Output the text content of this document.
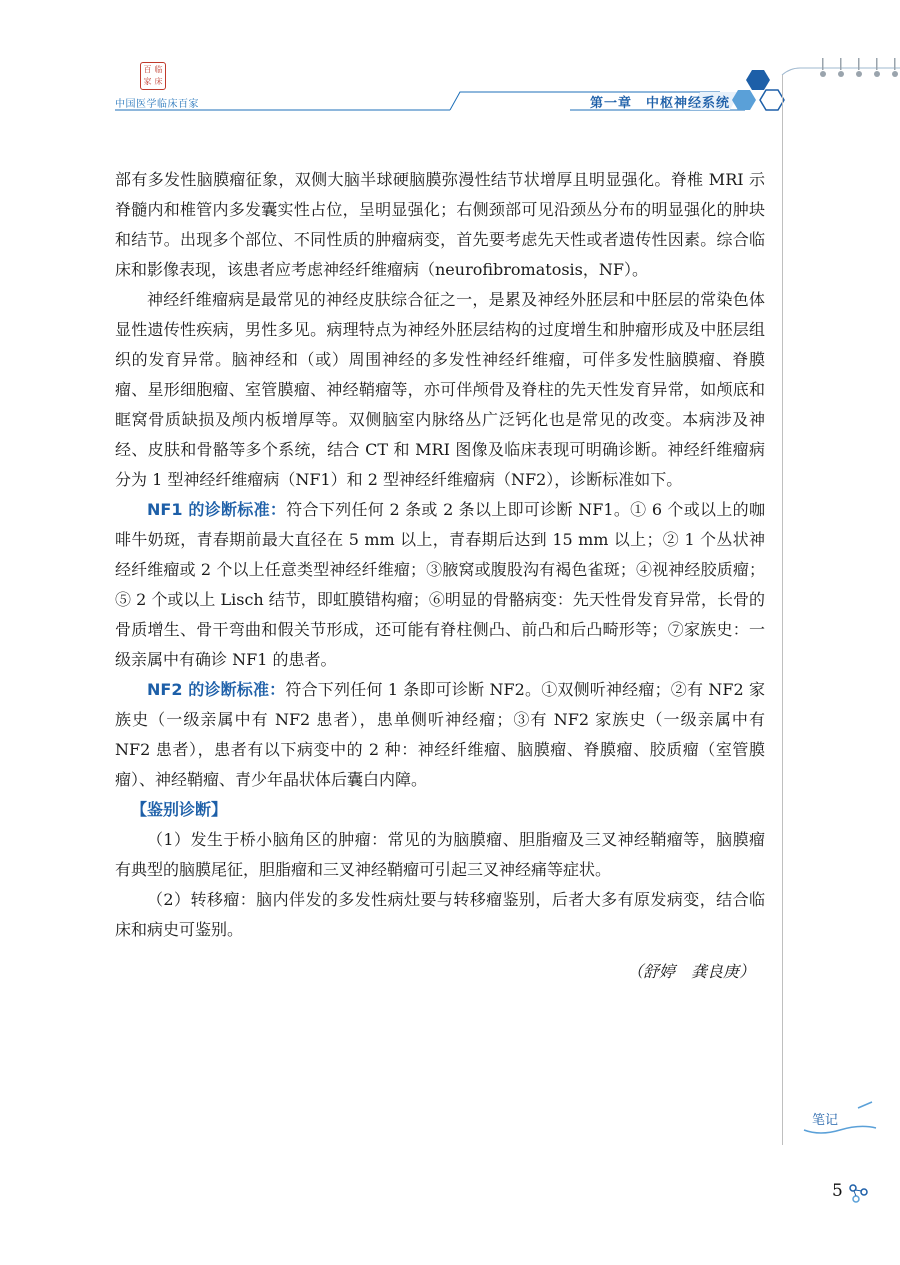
百 临
家 床
中国医学临床百家	第一章　中枢神经系统

部有多发性脑膜瘤征象，双侧大脑半球硬脑膜弥漫性结节状增厚且明显强化。脊椎 MRI 示脊髓内和椎管内多发囊实性占位，呈明显强化；右侧颈部可见沿颈丛分布的明显强化的肿块和结节。出现多个部位、不同性质的肿瘤病变，首先要考虑先天性或者遗传性因素。综合临床和影像表现，该患者应考虑神经纤维瘤病（neurofibromatosis，NF）。

神经纤维瘤病是最常见的神经皮肤综合征之一，是累及神经外胚层和中胚层的常染色体显性遗传性疾病，男性多见。病理特点为神经外胚层结构的过度增生和肿瘤形成及中胚层组织的发育异常。脑神经和（或）周围神经的多发性神经纤维瘤，可伴多发性脑膜瘤、脊膜瘤、星形细胞瘤、室管膜瘤、神经鞘瘤等，亦可伴颅骨及脊柱的先天性发育异常，如颅底和眶窝骨质缺损及颅内板增厚等。双侧脑室内脉络丛广泛钙化也是常见的改变。本病涉及神经、皮肤和骨骼等多个系统，结合 CT 和 MRI 图像及临床表现可明确诊断。神经纤维瘤病分为 1 型神经纤维瘤病（NF1）和 2 型神经纤维瘤病（NF2），诊断标准如下。

NF1 的诊断标准：符合下列任何 2 条或 2 条以上即可诊断 NF1。① 6 个或以上的咖啡牛奶斑，青春期前最大直径在 5 mm 以上，青春期后达到 15 mm 以上；② 1 个丛状神经纤维瘤或 2 个以上任意类型神经纤维瘤；③腋窝或腹股沟有褐色雀斑；④视神经胶质瘤；⑤ 2 个或以上 Lisch 结节，即虹膜错构瘤；⑥明显的骨骼病变：先天性骨发育异常，长骨的骨质增生、骨干弯曲和假关节形成，还可能有脊柱侧凸、前凸和后凸畸形等；⑦家族史：一级亲属中有确诊 NF1 的患者。

NF2 的诊断标准：符合下列任何 1 条即可诊断 NF2。①双侧听神经瘤；②有 NF2 家族史（一级亲属中有 NF2 患者），患单侧听神经瘤；③有 NF2 家族史（一级亲属中有 NF2 患者），患者有以下病变中的 2 种：神经纤维瘤、脑膜瘤、脊膜瘤、胶质瘤（室管膜瘤）、神经鞘瘤、青少年晶状体后囊白内障。

【鉴别诊断】

（1）发生于桥小脑角区的肿瘤：常见的为脑膜瘤、胆脂瘤及三叉神经鞘瘤等，脑膜瘤有典型的脑膜尾征，胆脂瘤和三叉神经鞘瘤可引起三叉神经痛等症状。

（2）转移瘤：脑内伴发的多发性病灶要与转移瘤鉴别，后者大多有原发病变，结合临床和病史可鉴别。

（舒婷　龚良庚）

笔记
5
